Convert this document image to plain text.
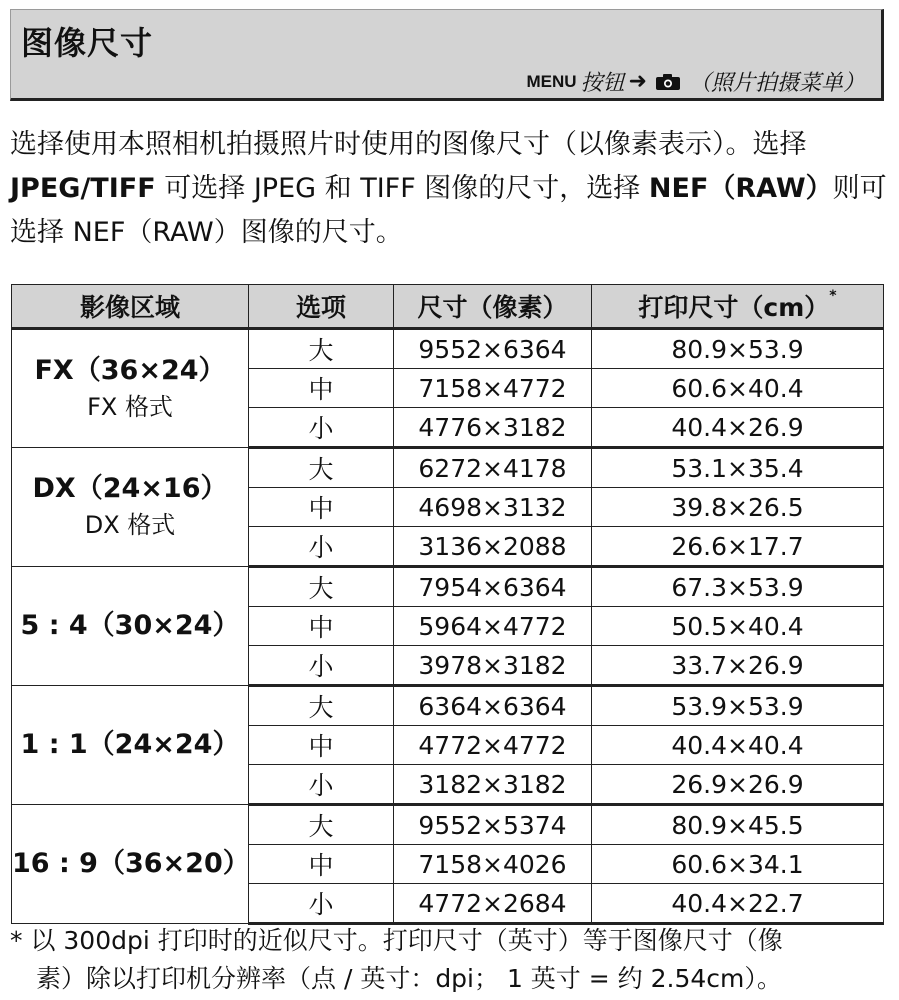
图像尺寸
MENU 按钮 ➜ （照片拍摄菜单）
选择使用本照相机拍摄照片时使用的图像尺寸（以像素表示）。选择 JPEG/TIFF 可选择 JPEG 和 TIFF 图像的尺寸，选择 NEF（RAW）则可选择 NEF（RAW）图像的尺寸。
影像区域	选项	尺寸（像素）	打印尺寸（cm）*
FX（36×24）
FX 格式	大	9552×6364	80.9×53.9
	中	7158×4772	60.6×40.4
	小	4776×3182	40.4×26.9
DX（24×16）
DX 格式	大	6272×4178	53.1×35.4
	中	4698×3132	39.8×26.5
	小	3136×2088	26.6×17.7
5 : 4（30×24）	大	7954×6364	67.3×53.9
	中	5964×4772	50.5×40.4
	小	3978×3182	33.7×26.9
1 : 1（24×24）	大	6364×6364	53.9×53.9
	中	4772×4772	40.4×40.4
	小	3182×3182	26.9×26.9
16 : 9（36×20）	大	9552×5374	80.9×45.5
	中	7158×4026	60.6×34.1
	小	4772×2684	40.4×22.7
* 以 300dpi 打印时的近似尺寸。打印尺寸（英寸）等于图像尺寸（像
素）除以打印机分辨率（点 / 英寸：dpi； 1 英寸 = 约 2.54cm）。
